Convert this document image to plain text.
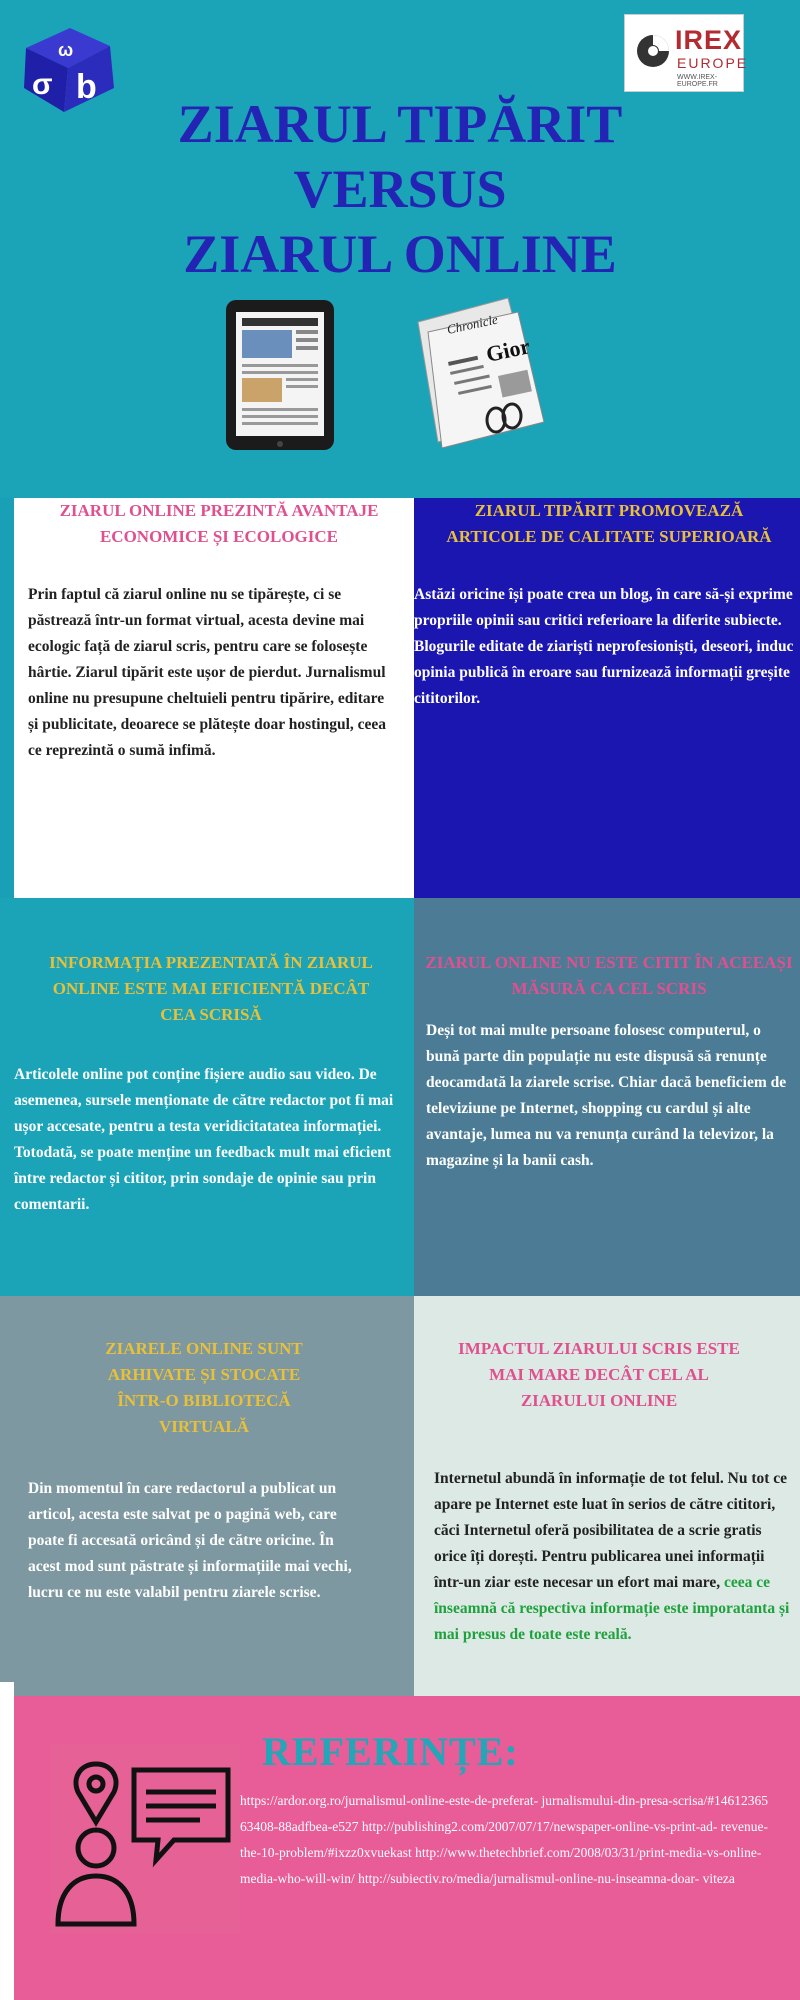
σ b
ω	IREX
EUROPE
WWW.IREX-EUROPE.FR
ZIARUL TIPĂRIT
VERSUS
ZIARUL ONLINE
Chronicle
Gior
ZIARUL ONLINE PREZINTĂ AVANTAJE ECONOMICE ȘI ECOLOGICE
Prin faptul că ziarul online nu se tipărește, ci se păstrează într-un format virtual, acesta devine mai ecologic față de ziarul scris, pentru care se folosește hârtie. Ziarul tipărit este ușor de pierdut. Jurnalismul online nu presupune cheltuieli pentru tipărire, editare și publicitate, deoarece se plătește doar hostingul, ceea ce reprezintă o sumă infimă.
ZIARUL TIPĂRIT PROMOVEAZĂ ARTICOLE DE CALITATE SUPERIOARĂ
Astăzi oricine își poate crea un blog, în care să-și exprime propriile opinii sau critici referioare la diferite subiecte. Blogurile editate de ziariști neprofesioniști, deseori, induc opinia publică în eroare sau furnizează informații greșite cititorilor.
INFORMAȚIA PREZENTATĂ ÎN ZIARUL ONLINE ESTE MAI EFICIENTĂ DECÂT CEA SCRISĂ
Articolele online pot conține fișiere audio sau video. De asemenea, sursele menționate de către redactor pot fi mai ușor accesate, pentru a testa veridicitatatea informației. Totodată, se poate menține un feedback mult mai eficient între redactor și cititor, prin sondaje de opinie sau prin comentarii.
ZIARUL ONLINE NU ESTE CITIT ÎN ACEEAȘI MĂSURĂ CA CEL SCRIS
Deși tot mai multe persoane folosesc computerul, o bună parte din populație nu este dispusă să renunțe deocamdată la ziarele scrise. Chiar dacă beneficiem de televiziune pe Internet, shopping cu cardul și alte avantaje, lumea nu va renunța curând la televizor, la magazine și la banii cash.
ZIARELE ONLINE SUNT ARHIVATE ȘI STOCATE ÎNTR-O BIBLIOTECĂ VIRTUALĂ
Din momentul în care redactorul a publicat un articol, acesta este salvat pe o pagină web, care poate fi accesată oricând și de către oricine. În acest mod sunt păstrate și informațiile mai vechi, lucru ce nu este valabil pentru ziarele scrise.
IMPACTUL ZIARULUI SCRIS ESTE MAI MARE DECÂT CEL AL ZIARULUI ONLINE
Internetul abundă în informație de tot felul. Nu tot ce apare pe Internet este luat în serios de către cititori, căci Internetul oferă posibilitatea de a scrie gratis orice îți dorești. Pentru publicarea unei informații într-un ziar este necesar un efort mai mare, ceea ce înseamnă că respectiva informație este imporatanta și mai presus de toate este reală.
REFERINȚE:
https://ardor.org.ro/jurnalismul-online-este-de-preferat- jurnalismului-din-presa-scrisa/#1461236563408-88adfbea-e527 http://publishing2.com/2007/07/17/newspaper-online-vs-print-ad- revenue-the-10-problem/#ixzz0xvuekast http://www.thetechbrief.com/2008/03/31/print-media-vs-online- media-who-will-win/ http://subiectiv.ro/media/jurnalismul-online-nu-inseamna-doar- viteza
